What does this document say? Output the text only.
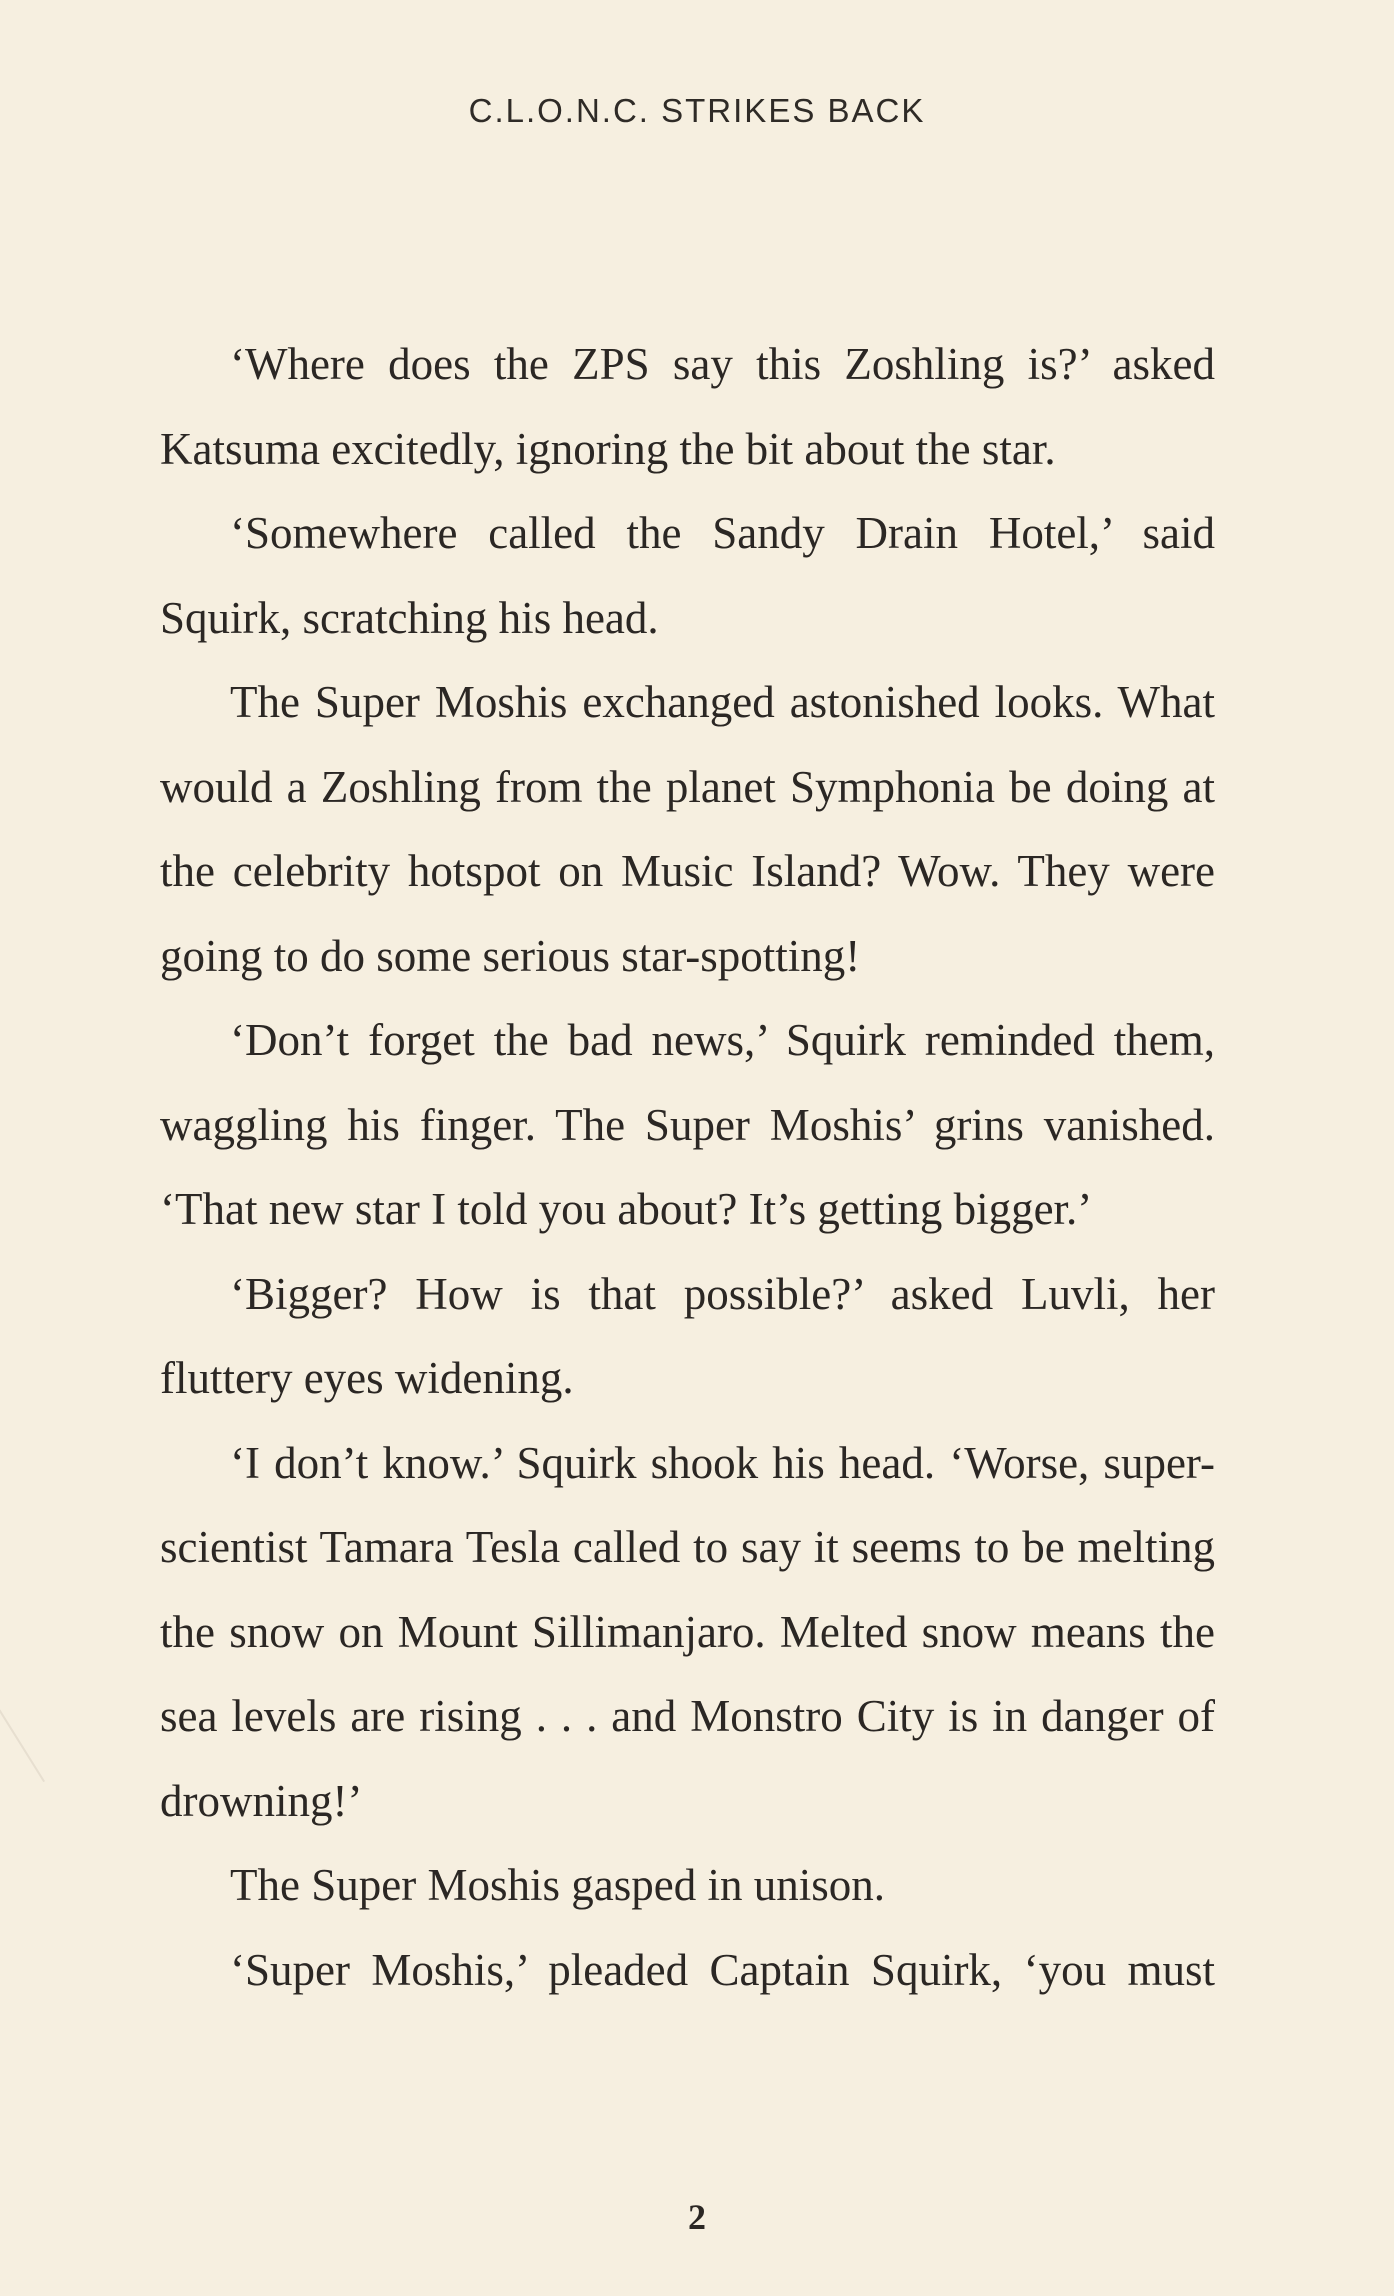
C.L.O.N.C. STRIKES BACK

‘Where does the ZPS say this Zoshling is?’ asked Katsuma excitedly, ignoring the bit about the star.

‘Somewhere called the Sandy Drain Hotel,’ said Squirk, scratching his head.

The Super Moshis exchanged astonished looks. What would a Zoshling from the planet Symphonia be doing at the celebrity hotspot on Music Island? Wow. They were going to do some serious star-spotting!

‘Don’t forget the bad news,’ Squirk reminded them, waggling his finger. The Super Moshis’ grins vanished. ‘That new star I told you about? It’s getting bigger.’

‘Bigger? How is that possible?’ asked Luvli, her fluttery eyes widening.

‘I don’t know.’ Squirk shook his head. ‘Worse, super-scientist Tamara Tesla called to say it seems to be melting the snow on Mount Sillimanjaro. Melted snow means the sea levels are rising . . . and Monstro City is in danger of drowning!’

The Super Moshis gasped in unison.

‘Super Moshis,’ pleaded Captain Squirk, ‘you must

2
